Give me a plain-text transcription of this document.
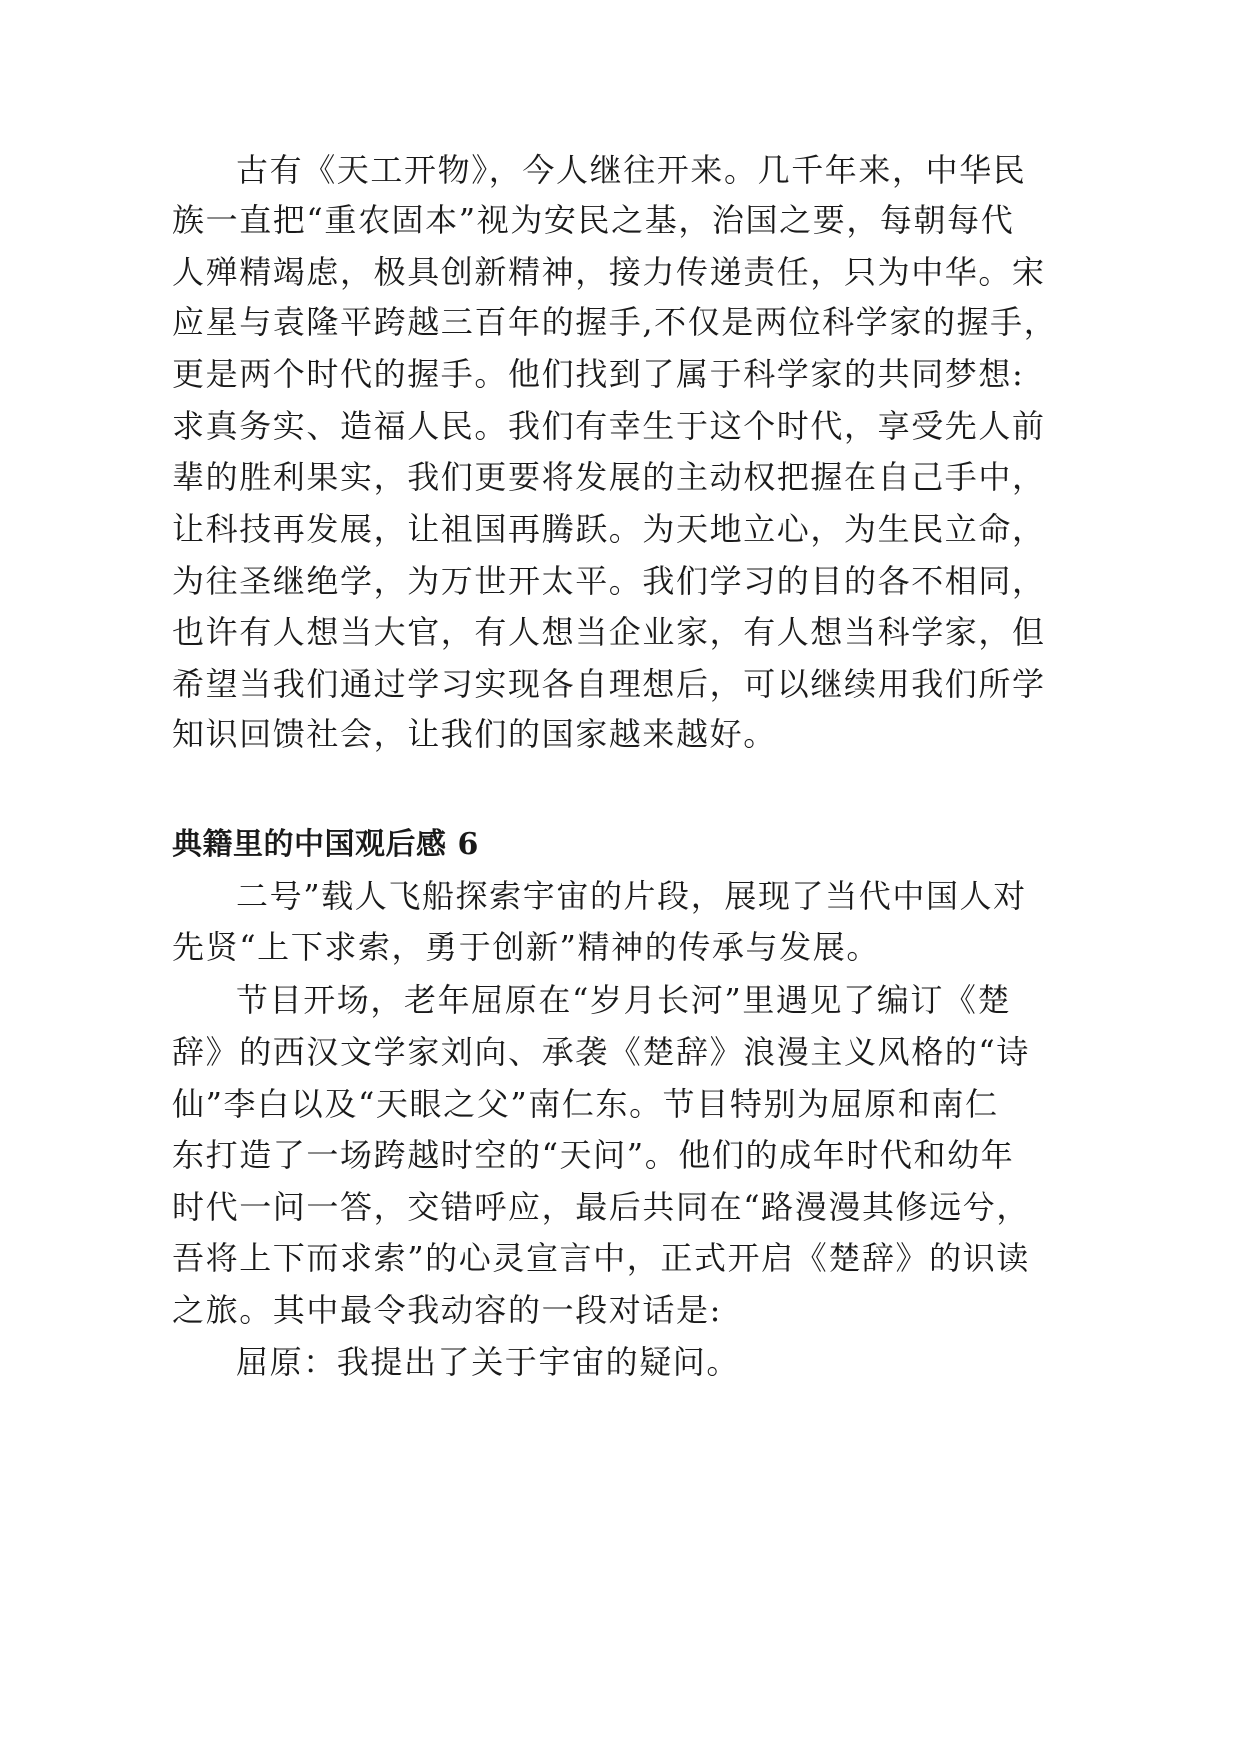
古有《天工开物》，今人继往开来。几千年来，中华民

族一直把“重农固本”视为安民之基，治国之要，每朝每代

人殚精竭虑，极具创新精神，接力传递责任，只为中华。宋

应星与袁隆平跨越三百年的握手,不仅是两位科学家的握手，

更是两个时代的握手。他们找到了属于科学家的共同梦想:

求真务实、造福人民。我们有幸生于这个时代，享受先人前

辈的胜利果实，我们更要将发展的主动权把握在自己手中，

让科技再发展，让祖国再腾跃。为天地立心，为生民立命，

为往圣继绝学，为万世开太平。我们学习的目的各不相同，

也许有人想当大官，有人想当企业家，有人想当科学家，但

希望当我们通过学习实现各自理想后，可以继续用我们所学

知识回馈社会，让我们的国家越来越好。

典籍里的中国观后感 6

二号”载人飞船探索宇宙的片段，展现了当代中国人对

先贤“上下求索，勇于创新”精神的传承与发展。

节目开场，老年屈原在“岁月长河”里遇见了编订《楚

辞》的西汉文学家刘向、承袭《楚辞》浪漫主义风格的“诗

仙”李白以及“天眼之父”南仁东。节目特别为屈原和南仁

东打造了一场跨越时空的“天问”。他们的成年时代和幼年

时代一问一答，交错呼应，最后共同在“路漫漫其修远兮，

吾将上下而求索”的心灵宣言中，正式开启《楚辞》的识读

之旅。其中最令我动容的一段对话是:

屈原：我提出了关于宇宙的疑问。
